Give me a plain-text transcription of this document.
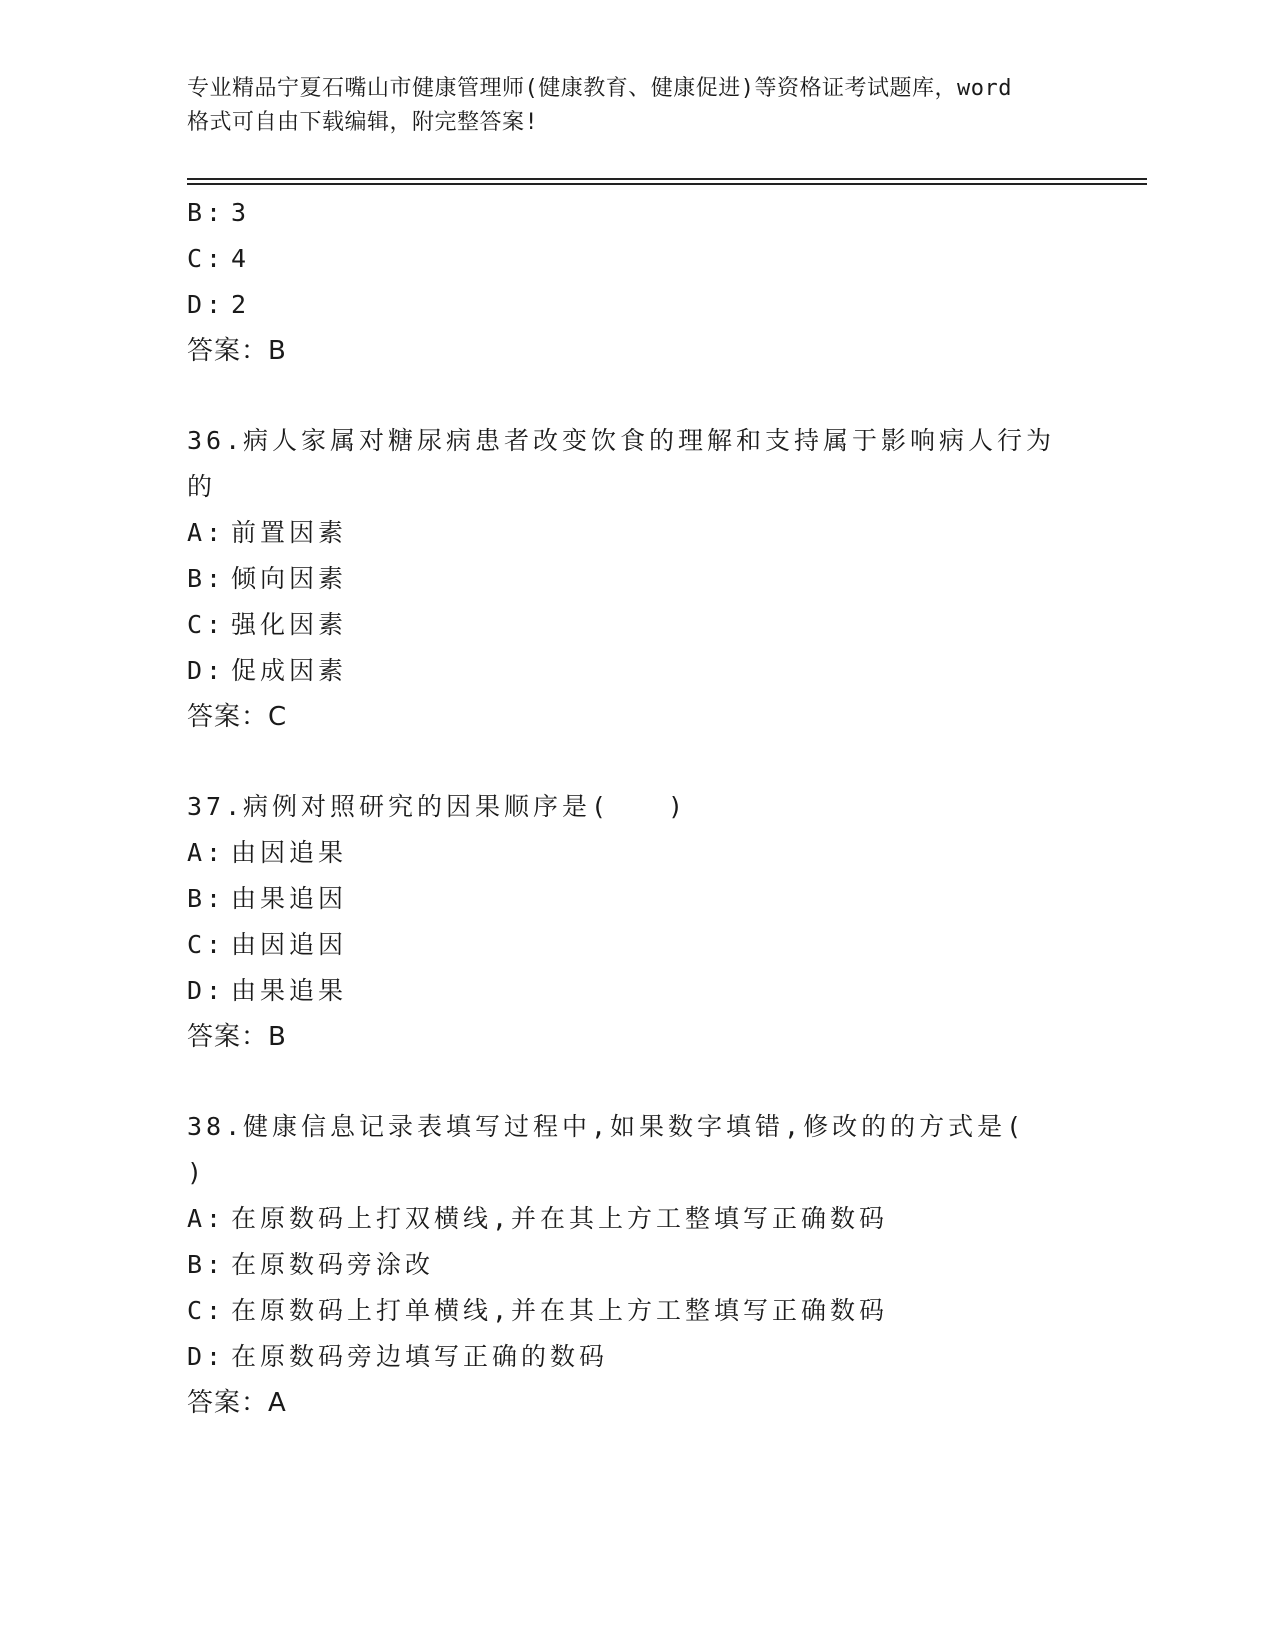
专业精品宁夏石嘴山市健康管理师(健康教育、健康促进)等资格证考试题库，word
格式可自由下载编辑，附完整答案!
B: 3
C: 4
D: 2
答案：B
36.病人家属对糖尿病患者改变饮食的理解和支持属于影响病人行为
的
A: 前置因素
B: 倾向因素
C: 强化因素
D: 促成因素
答案：C
37.病例对照研究的因果顺序是(　　)
A: 由因追果
B: 由果追因
C: 由因追因
D: 由果追果
答案：B
38.健康信息记录表填写过程中,如果数字填错,修改的的方式是(
)
A: 在原数码上打双横线,并在其上方工整填写正确数码
B: 在原数码旁涂改
C: 在原数码上打单横线,并在其上方工整填写正确数码
D: 在原数码旁边填写正确的数码
答案：A
